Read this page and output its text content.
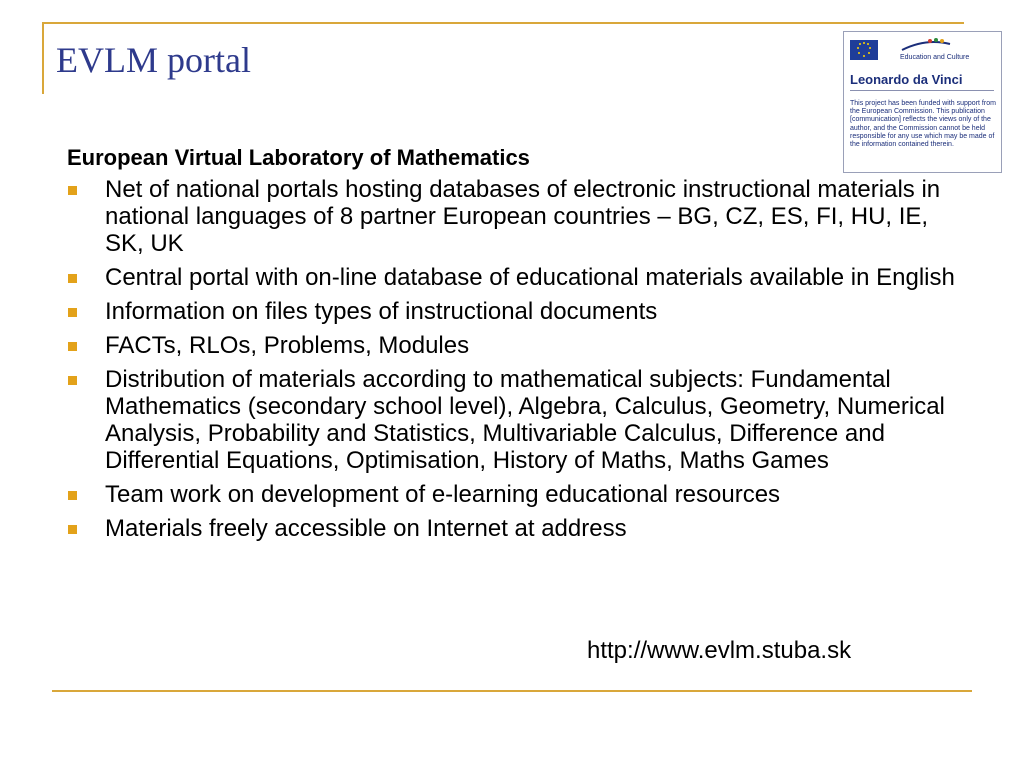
EVLM portal	Education and Culture
Leonardo da Vinci
This project has been funded with support from the European Commission. This publication [communication] reflects the views only of the author, and the Commission cannot be held responsible for any use which may be made of the information contained therein.
European Virtual Laboratory of Mathematics
Net of national portals hosting databases of electronic instructional materials in national languages of 8 partner European countries – BG, CZ, ES, FI, HU, IE, SK, UK
Central portal with on-line database of educational materials available in English
Information on files types of instructional documents
FACTs, RLOs, Problems, Modules
Distribution of materials according to mathematical subjects: Fundamental Mathematics (secondary school level), Algebra, Calculus, Geometry, Numerical Analysis, Probability and Statistics, Multivariable Calculus, Difference and Differential Equations, Optimisation, History of Maths, Maths Games
Team work on development of e-learning educational resources
Materials freely accessible on Internet at address
http://www.evlm.stuba.sk
